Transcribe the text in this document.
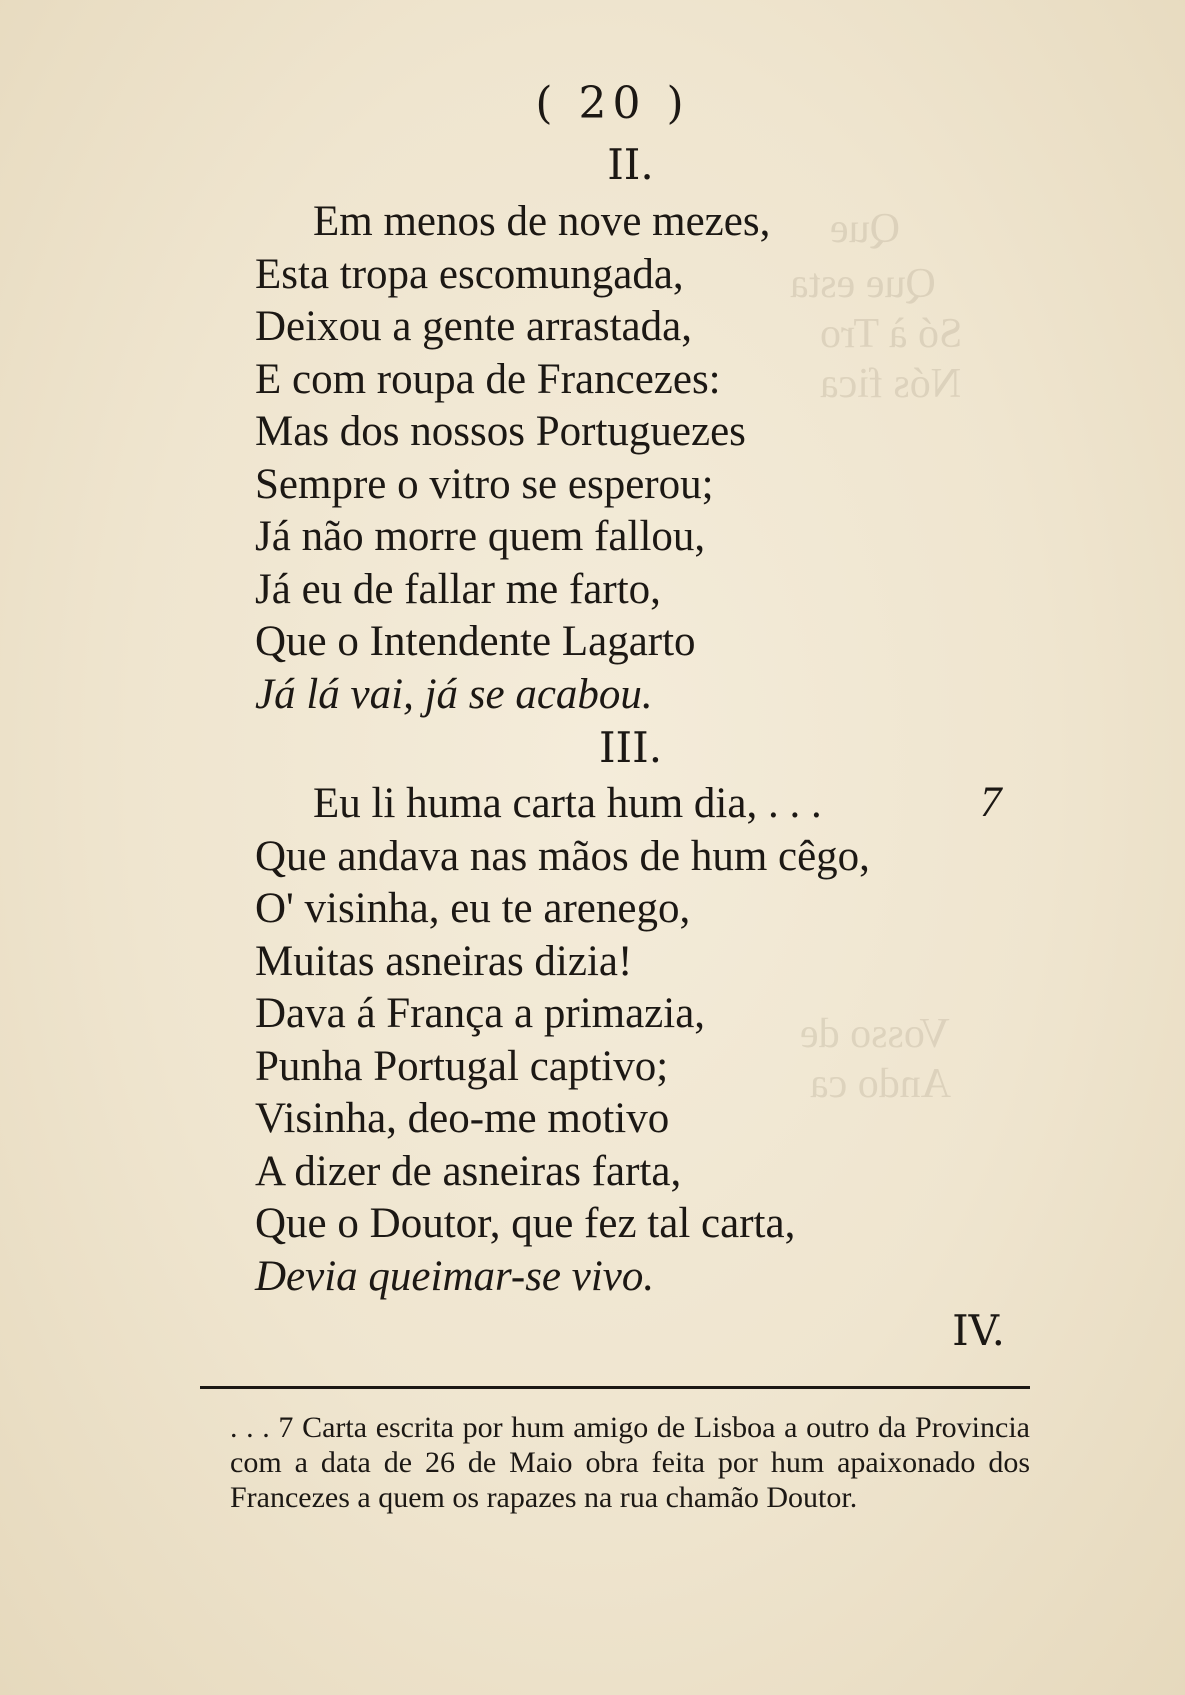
Que
Que esta
Só à Tro
Nós fica
Vosso de
Ando ca
( 20 )
II.
Em menos de nove mezes,
Esta tropa escomungada,
Deixou a gente arrastada,
E com roupa de Francezes:
Mas dos nossos Portuguezes
Sempre o vitro se esperou;
Já não morre quem fallou,
Já eu de fallar me farto,
Que o Intendente Lagarto
Já lá vai, já se acabou.
III.
Eu li huma carta hum dia, . . .
Que andava nas mãos de hum cêgo,
O' visinha, eu te arenego,
Muitas asneiras dizia!
Dava á França a primazia,
Punha Portugal captivo;
Visinha, deo-me motivo
A dizer de asneiras farta,
Que o Doutor, que fez tal carta,
Devia queimar-se vivo.
7
IV.
. . . 7 Carta escrita por hum amigo de Lisboa a outro da Provincia com a data de 26 de Maio obra feita por hum apaixonado dos Francezes a quem os rapazes na rua chamão Doutor.
